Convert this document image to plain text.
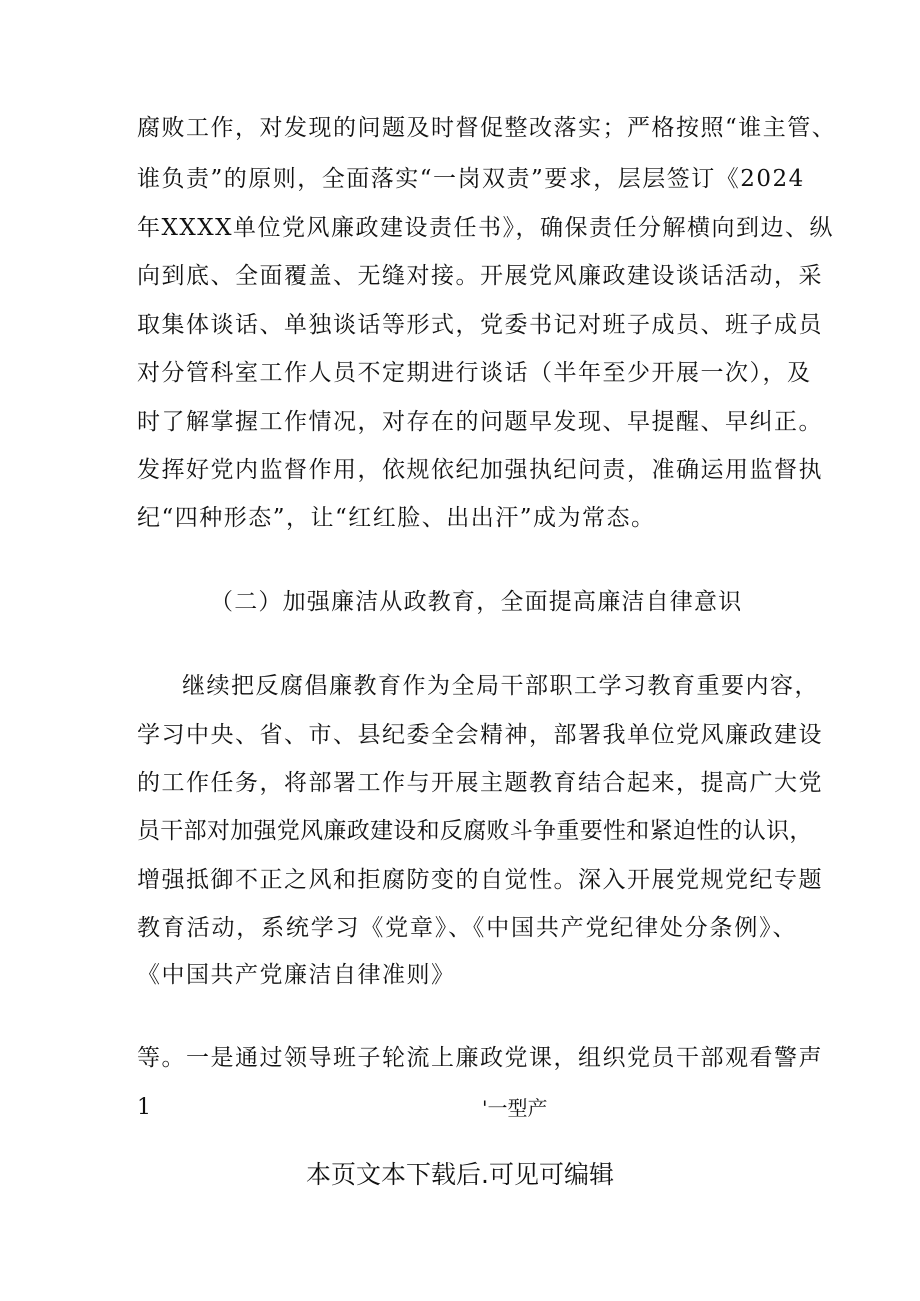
腐败工作，对发现的问题及时督促整改落实；严格按照“谁主管、
谁负责”的原则，全面落实“一岗双责”要求，层层签订《2024
年XXXX单位党风廉政建设责任书》，确保责任分解横向到边、纵
向到底、全面覆盖、无缝对接。开展党风廉政建设谈话活动，采
取集体谈话、单独谈话等形式，党委书记对班子成员、班子成员
对分管科室工作人员不定期进行谈话（半年至少开展一次），及
时了解掌握工作情况，对存在的问题早发现、早提醒、早纠正。
发挥好党内监督作用，依规依纪加强执纪问责，准确运用监督执
纪“四种形态”，让“红红脸、出出汗”成为常态。
（二）加强廉洁从政教育，全面提高廉洁自律意识
继续把反腐倡廉教育作为全局干部职工学习教育重要内容，
学习中央、省、市、县纪委全会精神，部署我单位党风廉政建设
的工作任务，将部署工作与开展主题教育结合起来，提高广大党
员干部对加强党风廉政建设和反腐败斗争重要性和紧迫性的认识，
增强抵御不正之风和拒腐防变的自觉性。深入开展党规党纪专题
教育活动，系统学习《党章》、《中国共产党纪律处分条例》、
《中国共产党廉洁自律准则》
等。一是通过领导班子轮流上廉政党课，组织党员干部观看警声
1	'一型产
本页文本下载后.可见可编辑
